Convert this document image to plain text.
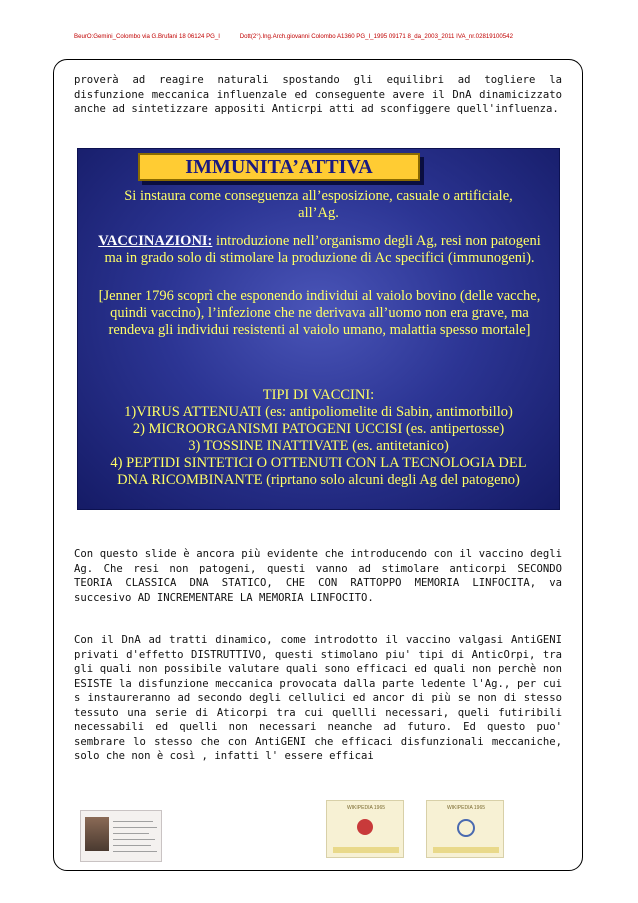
BeurO:Gemini_Colombo via G.Brufani 18 06124 PG_I	Dott(2°).Ing.Arch.giovanni Colombo A1360 PG_I_1995 09171 8_da_2003_2011 IVA_nr.02819100542

proverà ad reagire naturali spostando gli equilibri ad togliere la disfunzione meccanica influenzale ed conseguente avere il DnA dinamicizzato anche ad sintetizzare appositi Anticrpi atti ad sconfiggere quell'influenza.

IMMUNITA’ATTIVA
Si instaura come conseguenza all’esposizione, casuale o artificiale,
all’Ag.
VACCINAZIONI: introduzione nell’organismo degli Ag, resi non patogeni ma in grado solo di stimolare la produzione di Ac specifici (immunogeni).
[Jenner 1796 scoprì che esponendo individui al vaiolo bovino (delle vacche, quindi vaccino), l’infezione che ne derivava all’uomo non era grave, ma rendeva gli individui resistenti al vaiolo umano, malattia spesso mortale]
TIPI DI VACCINI:
1)VIRUS ATTENUATI (es: antipoliomelite di Sabin, antimorbillo)
2) MICROORGANISMI PATOGENI UCCISI (es. antipertosse)
3) TOSSINE INATTIVATE (es. antitetanico)
4) PEPTIDI SINTETICI O OTTENUTI CON LA TECNOLOGIA DEL
DNA RICOMBINANTE (riprtano solo alcuni degli Ag del patogeno)

Con questo slide è ancora più evidente che introducendo con il vaccino degli Ag. Che resi non patogeni, questi vanno ad stimolare anticorpi SECONDO TEORIA CLASSICA DNA STATICO, CHE CON RATTOPPO MEMORIA LINFOCITA, va succesivo AD INCREMENTARE LA MEMORIA LINFOCITO.

Con il DnA ad tratti dinamico, come introdotto il vaccino valgasi AntiGENI privati d'effetto DISTRUTTIVO, questi stimolano piu' tipi di AnticOrpi, tra gli quali non possibile valutare quali sono efficaci ed quali non perchè non ESISTE la disfunzione meccanica provocata dalla parte ledente l'Ag., per cui s instaureranno ad secondo degli cellulici ed ancor di più se non di stesso tessuto una serie di Aticorpi tra cui quellli necessari, queli futiribili necessabili ed quelli non necessari neanche ad futuro. Ed questo puo' sembrare lo stesso che con AntiGENI che efficaci disfunzionali meccaniche, solo che non è così , infatti l' essere efficai

WIKIPEDIA 1965	WIKIPEDIA 1965
